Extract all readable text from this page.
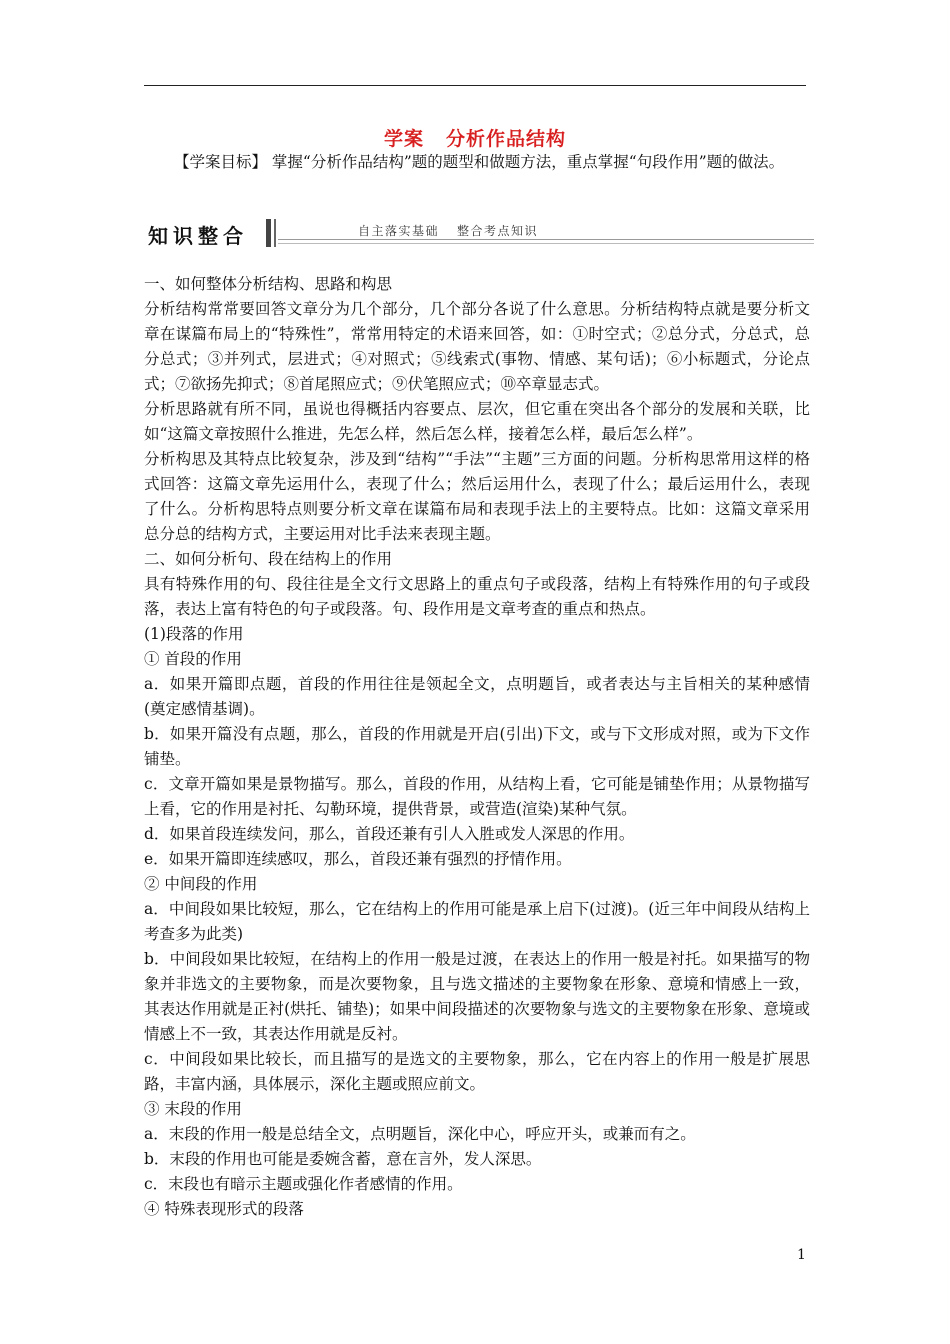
学案 分析作品结构

【学案目标】 掌握“分析作品结构”题的题型和做题方法，重点掌握“句段作用”题的做法。

知识整合	自主落实基础 整合考点知识

一、如何整体分析结构、思路和构思

分析结构常常要回答文章分为几个部分，几个部分各说了什么意思。分析结构特点就是要分析文章在谋篇布局上的“特殊性”，常常用特定的术语来回答，如：①时空式；②总分式，分总式，总分总式；③并列式，层进式；④对照式；⑤线索式(事物、情感、某句话)；⑥小标题式，分论点式；⑦欲扬先抑式；⑧首尾照应式；⑨伏笔照应式；⑩卒章显志式。

分析思路就有所不同，虽说也得概括内容要点、层次，但它重在突出各个部分的发展和关联，比如“这篇文章按照什么推进，先怎么样，然后怎么样，接着怎么样，最后怎么样”。

分析构思及其特点比较复杂，涉及到“结构”“手法”“主题”三方面的问题。分析构思常用这样的格式回答：这篇文章先运用什么，表现了什么；然后运用什么，表现了什么；最后运用什么，表现了什么。分析构思特点则要分析文章在谋篇布局和表现手法上的主要特点。比如：这篇文章采用总分总的结构方式，主要运用对比手法来表现主题。

二、如何分析句、段在结构上的作用

具有特殊作用的句、段往往是全文行文思路上的重点句子或段落，结构上有特殊作用的句子或段落，表达上富有特色的句子或段落。句、段作用是文章考查的重点和热点。

(1)段落的作用

① 首段的作用

a．如果开篇即点题，首段的作用往往是领起全文，点明题旨，或者表达与主旨相关的某种感情(奠定感情基调)。

b．如果开篇没有点题，那么，首段的作用就是开启(引出)下文，或与下文形成对照，或为下文作铺垫。

c．文章开篇如果是景物描写。那么，首段的作用，从结构上看，它可能是铺垫作用；从景物描写上看，它的作用是衬托、勾勒环境，提供背景，或营造(渲染)某种气氛。

d．如果首段连续发问，那么，首段还兼有引人入胜或发人深思的作用。

e．如果开篇即连续感叹，那么，首段还兼有强烈的抒情作用。

② 中间段的作用

a．中间段如果比较短，那么，它在结构上的作用可能是承上启下(过渡)。(近三年中间段从结构上考查多为此类)

b．中间段如果比较短，在结构上的作用一般是过渡，在表达上的作用一般是衬托。如果描写的物象并非选文的主要物象，而是次要物象，且与选文描述的主要物象在形象、意境和情感上一致，其表达作用就是正衬(烘托、铺垫)；如果中间段描述的次要物象与选文的主要物象在形象、意境或情感上不一致，其表达作用就是反衬。

c．中间段如果比较长，而且描写的是选文的主要物象，那么，它在内容上的作用一般是扩展思路，丰富内涵，具体展示，深化主题或照应前文。

③ 末段的作用

a．末段的作用一般是总结全文，点明题旨，深化中心，呼应开头，或兼而有之。

b．末段的作用也可能是委婉含蓄，意在言外，发人深思。

c．末段也有暗示主题或强化作者感情的作用。

④ 特殊表现形式的段落

1
